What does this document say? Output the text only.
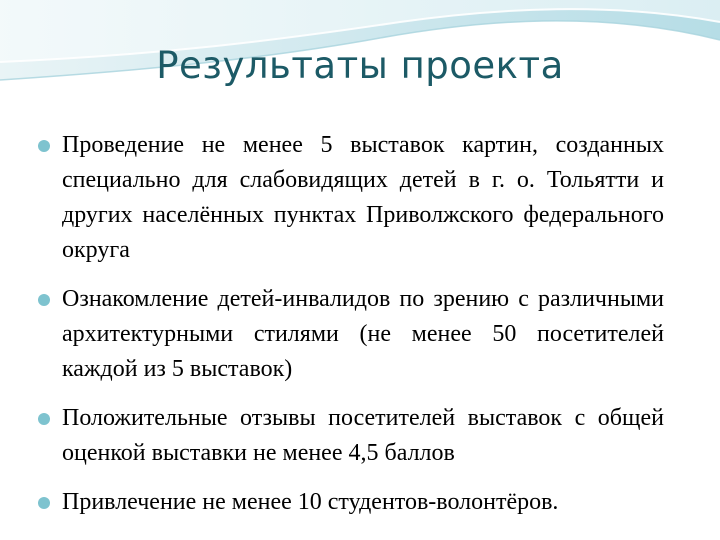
Результаты проекта
Проведение не менее 5 выставок картин, созданных специально для слабовидящих детей в г. о. Тольятти и других населённых пунктах Приволжского федерального округа
Ознакомление детей-инвалидов по зрению с различными архитектурными стилями (не менее 50 посетителей каждой из 5 выставок)
Положительные отзывы посетителей выставок с общей оценкой выставки не менее 4,5 баллов
Привлечение не менее 10 студентов-волонтёров.
